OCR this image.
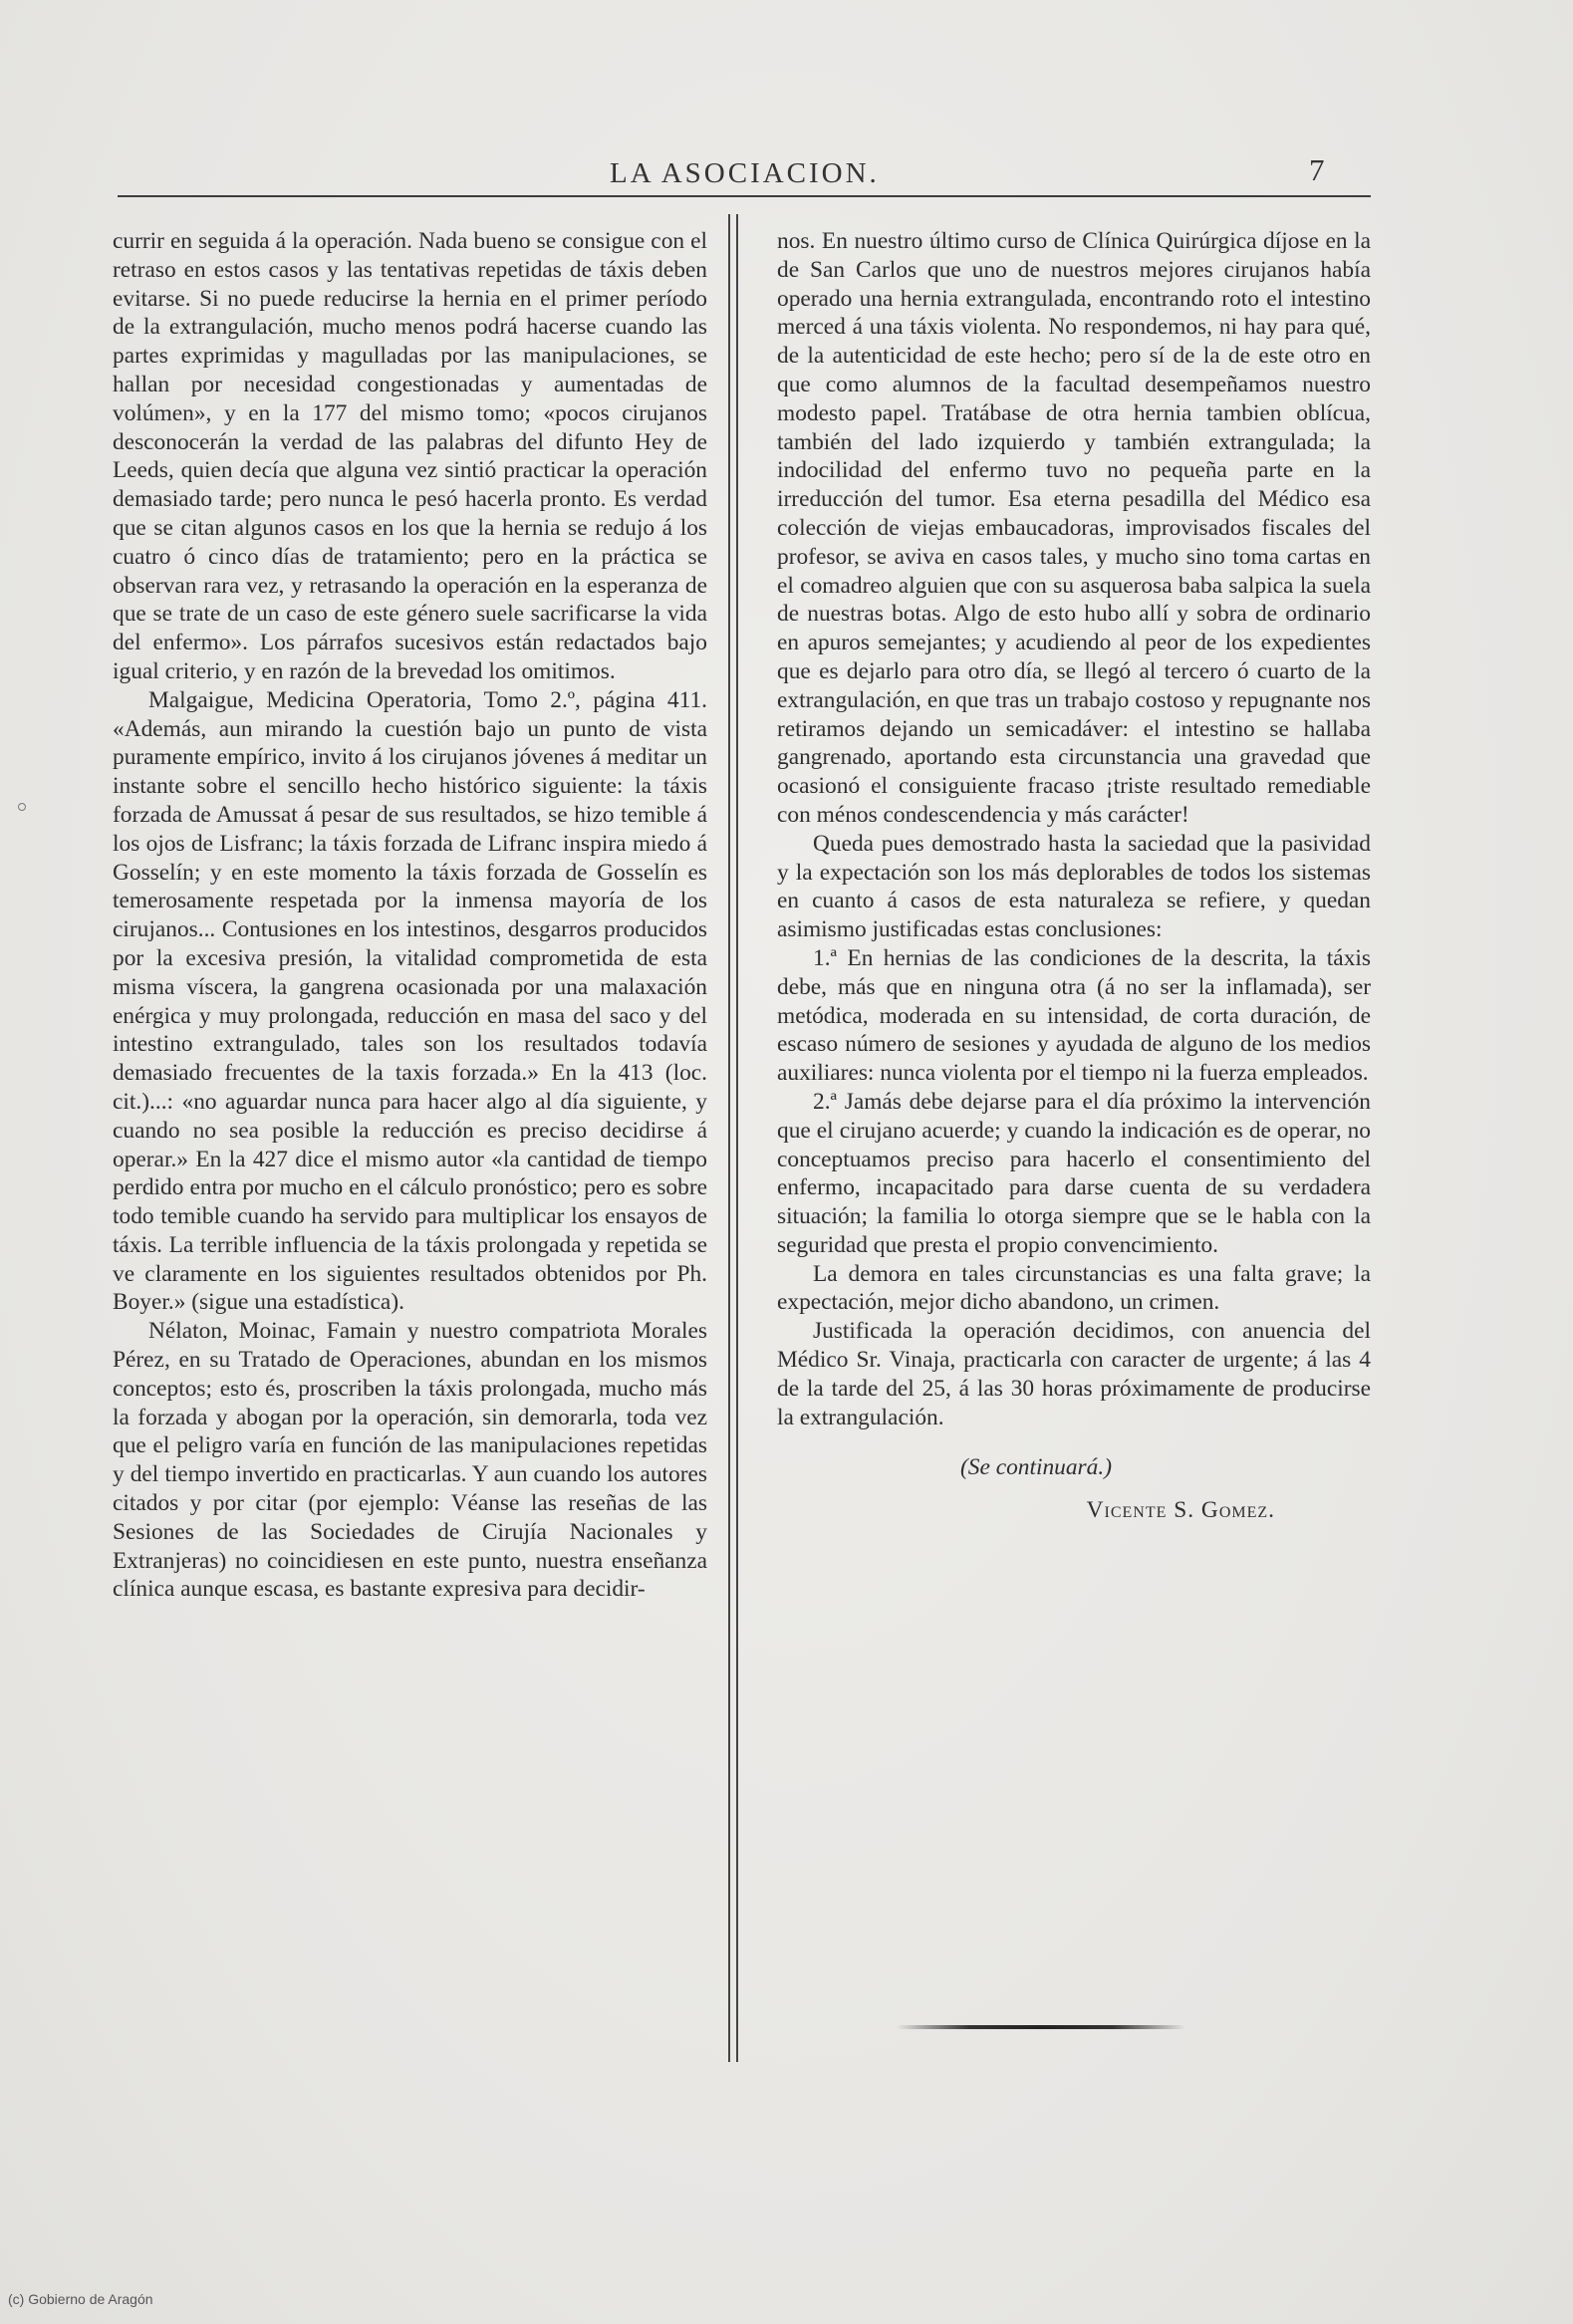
LA ASOCIACION.	7

currir en seguida á la operación. Nada bueno se consigue con el retraso en estos casos y las tentativas repetidas de táxis deben evitarse. Si no puede reducirse la hernia en el primer período de la extrangulación, mucho menos podrá hacerse cuando las partes exprimidas y magulladas por las manipulaciones, se hallan por necesidad congestionadas y aumentadas de volúmen», y en la 177 del mismo tomo; «pocos cirujanos desconocerán la verdad de las palabras del difunto Hey de Leeds, quien decía que alguna vez sintió practicar la operación demasiado tarde; pero nunca le pesó hacerla pronto. Es verdad que se citan algunos casos en los que la hernia se redujo á los cuatro ó cinco días de tratamiento; pero en la práctica se observan rara vez, y retrasando la operación en la esperanza de que se trate de un caso de este género suele sacrificarse la vida del enfermo». Los párrafos sucesivos están redactados bajo igual criterio, y en razón de la brevedad los omitimos.

Malgaigue, Medicina Operatoria, Tomo 2.º, página 411. «Además, aun mirando la cuestión bajo un punto de vista puramente empírico, invito á los cirujanos jóvenes á meditar un instante sobre el sencillo hecho histórico siguiente: la táxis forzada de Amussat á pesar de sus resultados, se hizo temible á los ojos de Lisfranc; la táxis forzada de Lifranc inspira miedo á Gosselín; y en este momento la táxis forzada de Gosselín es temerosamente respetada por la inmensa mayoría de los cirujanos... Contusiones en los intestinos, desgarros producidos por la excesiva presión, la vitalidad comprometida de esta misma víscera, la gangrena ocasionada por una malaxación enérgica y muy prolongada, reducción en masa del saco y del intestino extrangulado, tales son los resultados todavía demasiado frecuentes de la taxis forzada.» En la 413 (loc. cit.)...: «no aguardar nunca para hacer algo al día siguiente, y cuando no sea posible la reducción es preciso decidirse á operar.» En la 427 dice el mismo autor «la cantidad de tiempo perdido entra por mucho en el cálculo pronóstico; pero es sobre todo temible cuando ha servido para multiplicar los ensayos de táxis. La terrible influencia de la táxis prolongada y repetida se ve claramente en los siguientes resultados obtenidos por Ph. Boyer.» (sigue una estadística).

Nélaton, Moinac, Famain y nuestro compatriota Morales Pérez, en su Tratado de Operaciones, abundan en los mismos conceptos; esto és, proscriben la táxis prolongada, mucho más la forzada y abogan por la operación, sin demorarla, toda vez que el peligro varía en función de las manipulaciones repetidas y del tiempo invertido en practicarlas. Y aun cuando los autores citados y por citar (por ejemplo: Véanse las reseñas de las Sesiones de las Sociedades de Cirujía Nacionales y Extranjeras) no coincidiesen en este punto, nuestra enseñanza clínica aunque escasa, es bastante expresiva para decidir-

nos. En nuestro último curso de Clínica Quirúrgica díjose en la de San Carlos que uno de nuestros mejores cirujanos había operado una hernia extrangulada, encontrando roto el intestino merced á una táxis violenta. No respondemos, ni hay para qué, de la autenticidad de este hecho; pero sí de la de este otro en que como alumnos de la facultad desempeñamos nuestro modesto papel. Tratábase de otra hernia tambien oblícua, también del lado izquierdo y también extrangulada; la indocilidad del enfermo tuvo no pequeña parte en la irreducción del tumor. Esa eterna pesadilla del Médico esa colección de viejas embaucadoras, improvisados fiscales del profesor, se aviva en casos tales, y mucho sino toma cartas en el comadreo alguien que con su asquerosa baba salpica la suela de nuestras botas. Algo de esto hubo allí y sobra de ordinario en apuros semejantes; y acudiendo al peor de los expedientes que es dejarlo para otro día, se llegó al tercero ó cuarto de la extrangulación, en que tras un trabajo costoso y repugnante nos retiramos dejando un semicadáver: el intestino se hallaba gangrenado, aportando esta circunstancia una gravedad que ocasionó el consiguiente fracaso ¡triste resultado remediable con ménos condescendencia y más carácter!

Queda pues demostrado hasta la saciedad que la pasividad y la expectación son los más deplorables de todos los sistemas en cuanto á casos de esta naturaleza se refiere, y quedan asimismo justificadas estas conclusiones:

1.ª En hernias de las condiciones de la descrita, la táxis debe, más que en ninguna otra (á no ser la inflamada), ser metódica, moderada en su intensidad, de corta duración, de escaso número de sesiones y ayudada de alguno de los medios auxiliares: nunca violenta por el tiempo ni la fuerza empleados.

2.ª Jamás debe dejarse para el día próximo la intervención que el cirujano acuerde; y cuando la indicación es de operar, no conceptuamos preciso para hacerlo el consentimiento del enfermo, incapacitado para darse cuenta de su verdadera situación; la familia lo otorga siempre que se le habla con la seguridad que presta el propio convencimiento.

La demora en tales circunstancias es una falta grave; la expectación, mejor dicho abandono, un crimen.

Justificada la operación decidimos, con anuencia del Médico Sr. Vinaja, practicarla con caracter de urgente; á las 4 de la tarde del 25, á las 30 horas próximamente de producirse la extrangulación.

(Se continuará.)

Vicente S. Gomez.

(c) Gobierno de Aragón
